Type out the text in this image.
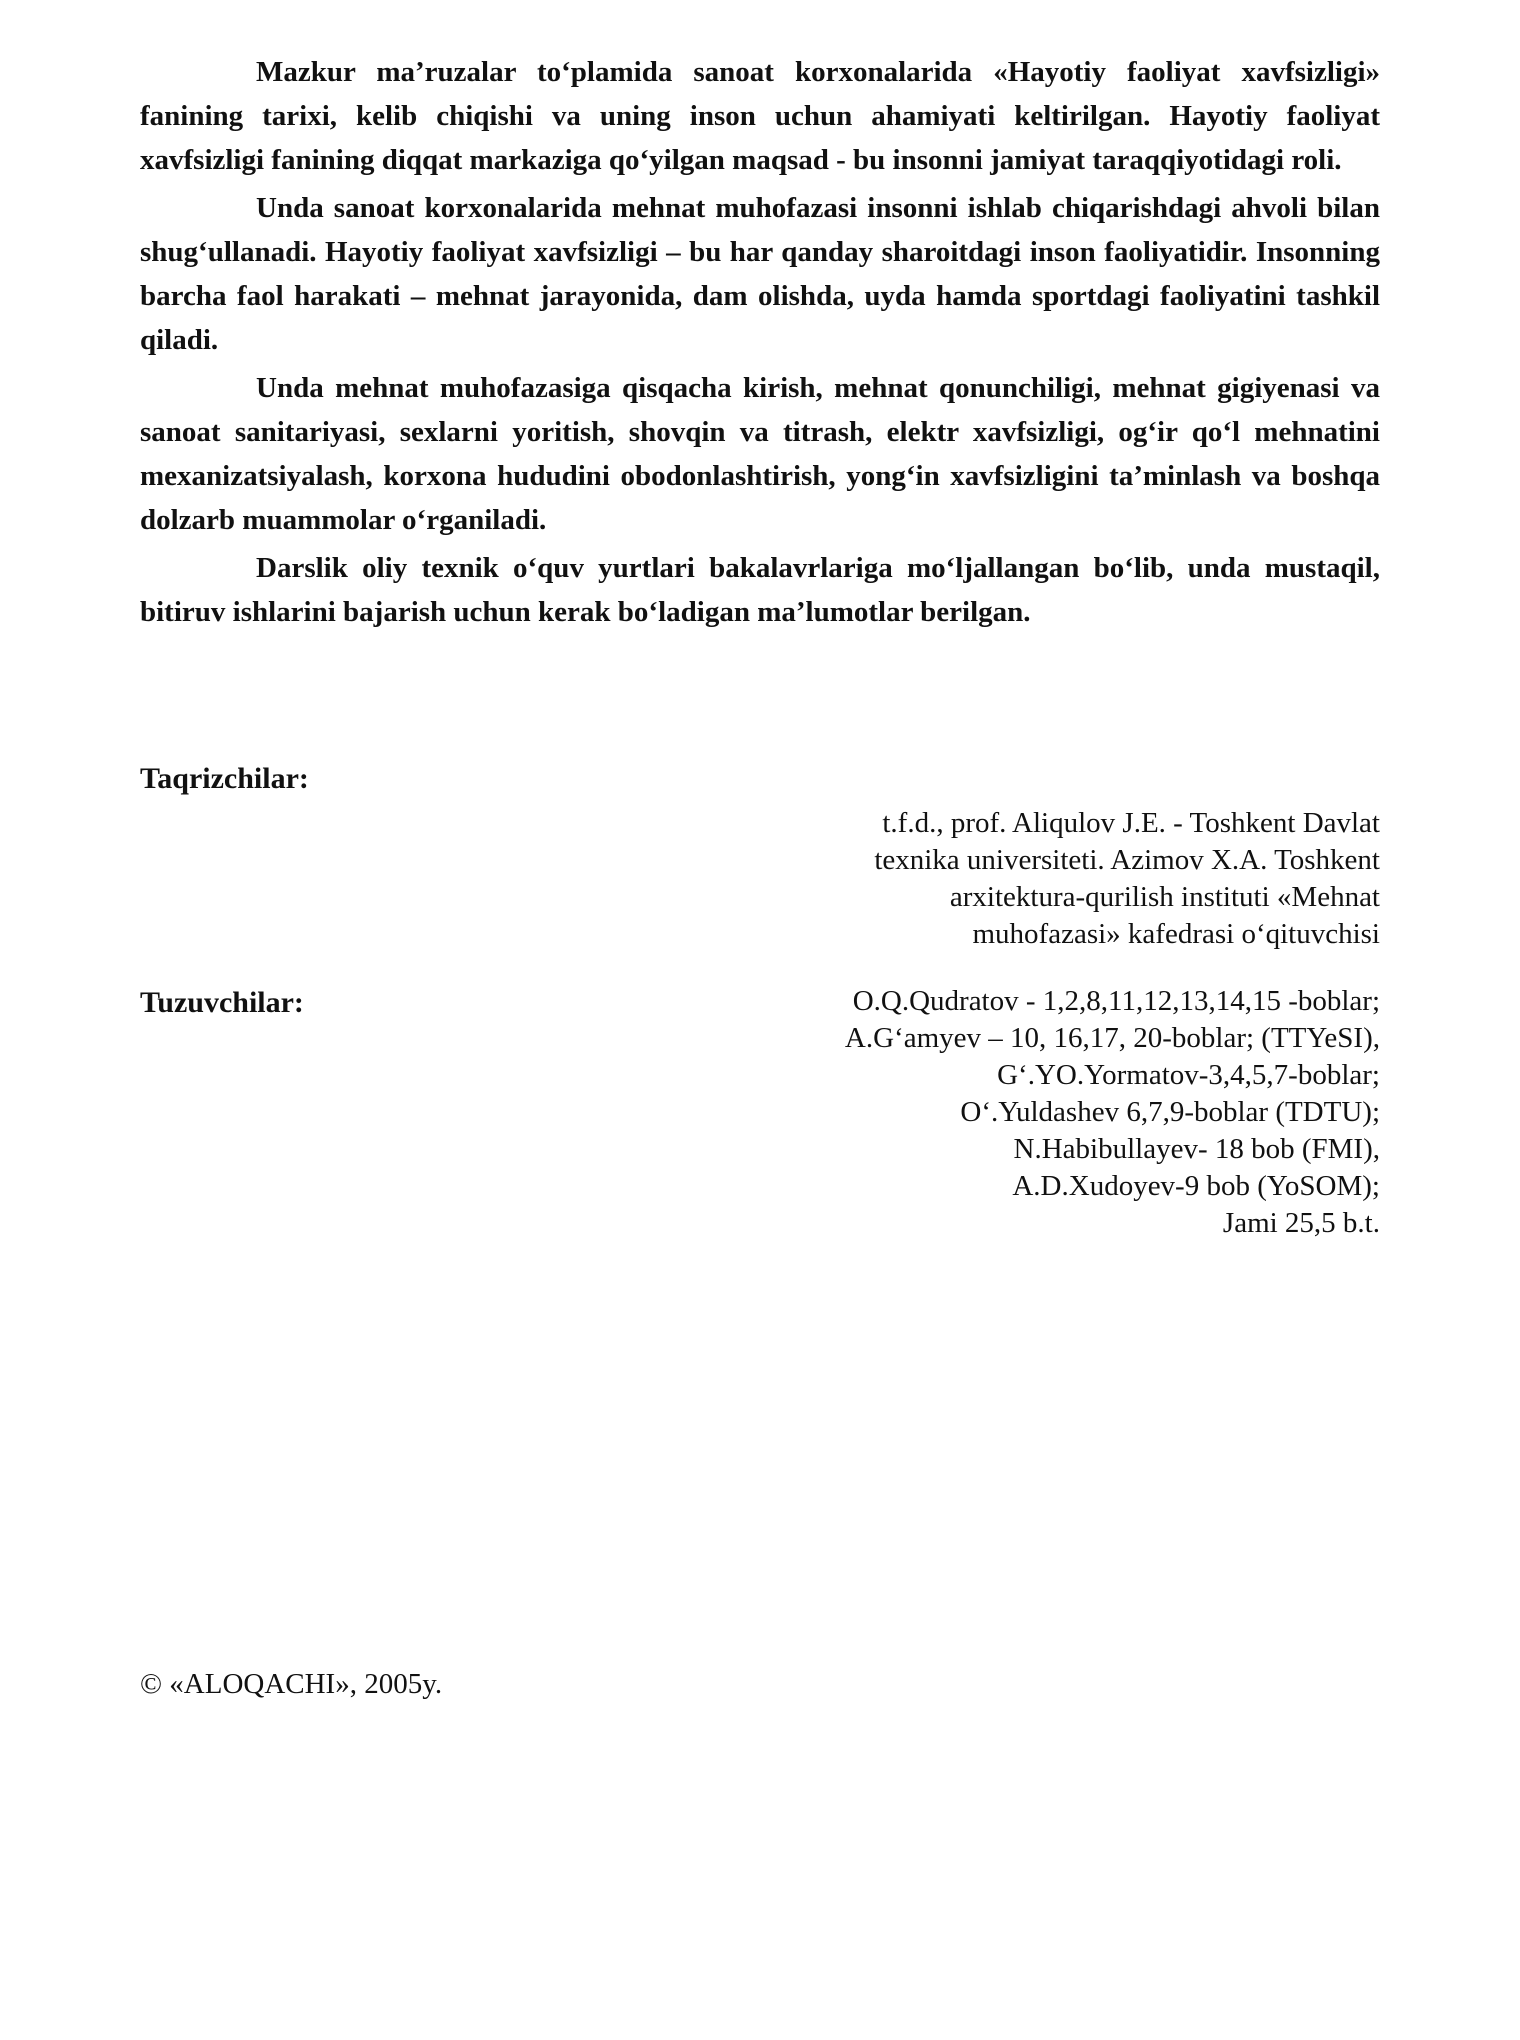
Mazkur ma’ruzalar to‘plamida sanoat korxonalarida «Hayotiy faoliyat xavfsizligi» fanining tarixi, kelib chiqishi va uning inson uchun ahamiyati keltirilgan. Hayotiy faoliyat xavfsizligi fanining diqqat markaziga qo‘yilgan maqsad - bu insonni jamiyat taraqqiyotidagi roli.

Unda sanoat korxonalarida mehnat muhofazasi insonni ishlab chiqarishdagi ahvoli bilan shug‘ullanadi. Hayotiy faoliyat xavfsizligi – bu har qanday sharoitdagi inson faoliyatidir. Insonning barcha faol harakati – mehnat jarayonida, dam olishda, uyda hamda sportdagi faoliyatini tashkil qiladi.

Unda mehnat muhofazasiga qisqacha kirish, mehnat qonunchiligi, mehnat gigiyenasi va sanoat sanitariyasi, sexlarni yoritish, shovqin va titrash, elektr xavfsizligi, og‘ir qo‘l mehnatini mexanizatsiyalash, korxona hududini obodonlashtirish, yong‘in xavfsizligini ta’minlash va boshqa dolzarb muammolar o‘rganiladi.

Darslik oliy texnik o‘quv yurtlari bakalavrlariga mo‘ljallangan bo‘lib, unda mustaqil, bitiruv ishlarini bajarish uchun kerak bo‘ladigan ma’lumotlar berilgan.

Taqrizchilar:
t.f.d., prof. Aliqulov J.E. - Toshkent Davlat
texnika universiteti. Azimov X.A. Toshkent
arxitektura-qurilish instituti «Mehnat
muhofazasi» kafedrasi o‘qituvchisi
Tuzuvchilar:	O.Q.Qudratov - 1,2,8,11,12,13,14,15 -boblar;
A.G‘amyev – 10, 16,17, 20-boblar; (TTYeSI),
G‘.YO.Yormatov-3,4,5,7-boblar;
O‘.Yuldashev 6,7,9-boblar (TDTU);
N.Habibullayev- 18 bob (FMI),
A.D.Xudoyev-9 bob (YoSOM);
Jami 25,5 b.t.
© «ALOQACHI», 2005y.
